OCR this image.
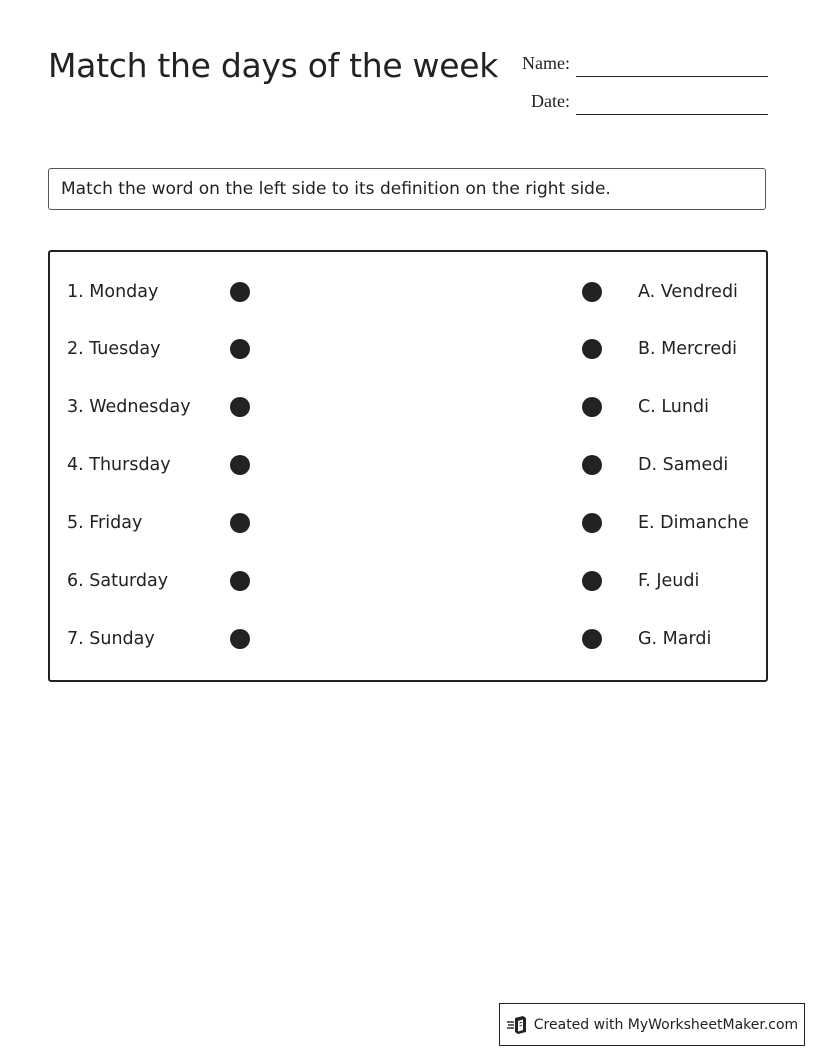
Match the days of the week Name:
Date:
Match the word on the left side to its definition on the right side.
1. Monday	A. Vendredi
2. Tuesday	B. Mercredi
3. Wednesday	C. Lundi
4. Thursday	D. Samedi
5. Friday	E. Dimanche
6. Saturday	F. Jeudi
7. Sunday	G. Mardi
Created with MyWorksheetMaker.com
